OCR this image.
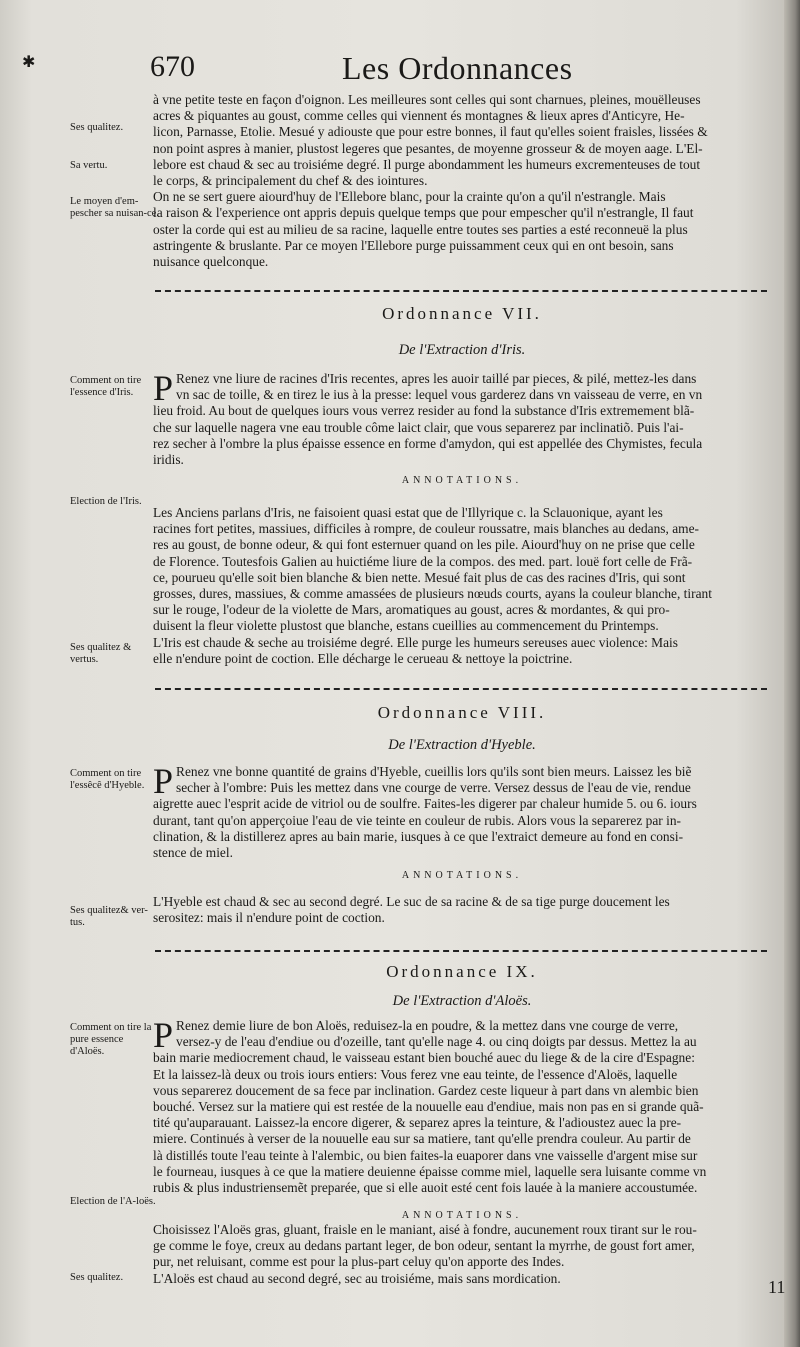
✱
11
670	Les Ordonnances
Ses qualitez.
Sa vertu.
Le moyen d'em-pescher sa nuisan-ce.
Comment on tire l'essence d'Iris.
Election de l'Iris.
Ses qualitez & vertus.
Comment on tire l'essêcê d'Hyeble.
Ses qualitez& ver-tus.
Comment on tire la pure essence d'Aloës.
Election de l'A-loës.
Ses qualitez.
à vne petite teste en façon d'oignon. Les meilleures sont celles qui sont charnues, pleines, mouëlleuses
acres & piquantes au goust, comme celles qui viennent és montagnes & lieux apres d'Anticyre, He-
licon, Parnasse, Etolie. Mesué y adiouste que pour estre bonnes, il faut qu'elles soient fraisles, lissées &
non point aspres à manier, plustost legeres que pesantes, de moyenne grosseur & de moyen aage. L'El-
lebore est chaud & sec au troisiéme degré. Il purge abondamment les humeurs excrementeuses de tout
le corps, & principalement du chef & des iointures.
On ne se sert guere aiourd'huy de l'Ellebore blanc, pour la crainte qu'on a qu'il n'estrangle. Mais
la raison & l'experience ont appris depuis quelque temps que pour empescher qu'il n'estrangle, Il faut
oster la corde qui est au milieu de sa racine, laquelle entre toutes ses parties a esté reconneuë la plus
astringente & bruslante. Par ce moyen l'Ellebore purge puissamment ceux qui en ont besoin, sans
nuisance quelconque.
Ordonnance VII.
De l'Extraction d'Iris.
P Renez vne liure de racines d'Iris recentes, apres les auoir taillé par pieces, & pilé, mettez-les dans
vn sac de toille, & en tirez le ius à la presse: lequel vous garderez dans vn vaisseau de verre, en vn
lieu froid. Au bout de quelques iours vous verrez resider au fond la substance d'Iris extremement blã-
che sur laquelle nagera vne eau trouble côme laict clair, que vous separerez par inclinatiõ. Puis l'ai-
rez secher à l'ombre la plus épaisse essence en forme d'amydon, qui est appellée des Chymistes, fecula
iridis.
ANNOTATIONS.
Les Anciens parlans d'Iris, ne faisoient quasi estat que de l'Illyrique c. la Sclauonique, ayant les
racines fort petites, massiues, difficiles à rompre, de couleur roussatre, mais blanches au dedans, ame-
res au goust, de bonne odeur, & qui font esternuer quand on les pile. Aiourd'huy on ne prise que celle
de Florence. Toutesfois Galien au huictiéme liure de la compos. des med. part. louë fort celle de Frã-
ce, pourueu qu'elle soit bien blanche & bien nette. Mesué fait plus de cas des racines d'Iris, qui sont
grosses, dures, massiues, & comme amassées de plusieurs nœuds courts, ayans la couleur blanche, tirant
sur le rouge, l'odeur de la violette de Mars, aromatiques au goust, acres & mordantes, & qui pro-
duisent la fleur violette plustost que blanche, estans cueillies au commencement du Printemps.
L'Iris est chaude & seche au troisiéme degré. Elle purge les humeurs sereuses auec violence: Mais
elle n'endure point de coction. Elle décharge le cerueau & nettoye la poictrine.
Ordonnance VIII.
De l'Extraction d'Hyeble.
P Renez vne bonne quantité de grains d'Hyeble, cueillis lors qu'ils sont bien meurs. Laissez les biẽ
secher à l'ombre: Puis les mettez dans vne courge de verre. Versez dessus de l'eau de vie, rendue
aigrette auec l'esprit acide de vitriol ou de soulfre. Faites-les digerer par chaleur humide 5. ou 6. iours
durant, tant qu'on apperçoiue l'eau de vie teinte en couleur de rubis. Alors vous la separerez par in-
clination, & la distillerez apres au bain marie, iusques à ce que l'extraict demeure au fond en consi-
stence de miel.
ANNOTATIONS.
L'Hyeble est chaud & sec au second degré. Le suc de sa racine & de sa tige purge doucement les
serositez: mais il n'endure point de coction.
Ordonnance IX.
De l'Extraction d'Aloës.
P Renez demie liure de bon Aloës, reduisez-la en poudre, & la mettez dans vne courge de verre,
versez-y de l'eau d'endiue ou d'ozeille, tant qu'elle nage 4. ou cinq doigts par dessus. Mettez la au
bain marie mediocrement chaud, le vaisseau estant bien bouché auec du liege & de la cire d'Espagne:
Et la laissez-là deux ou trois iours entiers: Vous ferez vne eau teinte, de l'essence d'Aloës, laquelle
vous separerez doucement de sa fece par inclination. Gardez ceste liqueur à part dans vn alembic bien
bouché. Versez sur la matiere qui est restée de la nouuelle eau d'endiue, mais non pas en si grande quã-
tité qu'auparauant. Laissez-la encore digerer, & separez apres la teinture, & l'adioustez auec la pre-
miere. Continués à verser de la nouuelle eau sur sa matiere, tant qu'elle prendra couleur. Au partir de
là distillés toute l'eau teinte à l'alembic, ou bien faites-la euaporer dans vne vaisselle d'argent mise sur
le fourneau, iusques à ce que la matiere deuienne épaisse comme miel, laquelle sera luisante comme vn
rubis & plus industriensemẽt preparée, que si elle auoit esté cent fois lauée à la maniere accoustumée.
ANNOTATIONS.
Choisissez l'Aloës gras, gluant, fraisle en le maniant, aisé à fondre, aucunement roux tirant sur le rou-
ge comme le foye, creux au dedans partant leger, de bon odeur, sentant la myrrhe, de goust fort amer,
pur, net reluisant, comme est pour la plus-part celuy qu'on apporte des Indes.
L'Aloës est chaud au second degré, sec au troisiéme, mais sans mordication.
